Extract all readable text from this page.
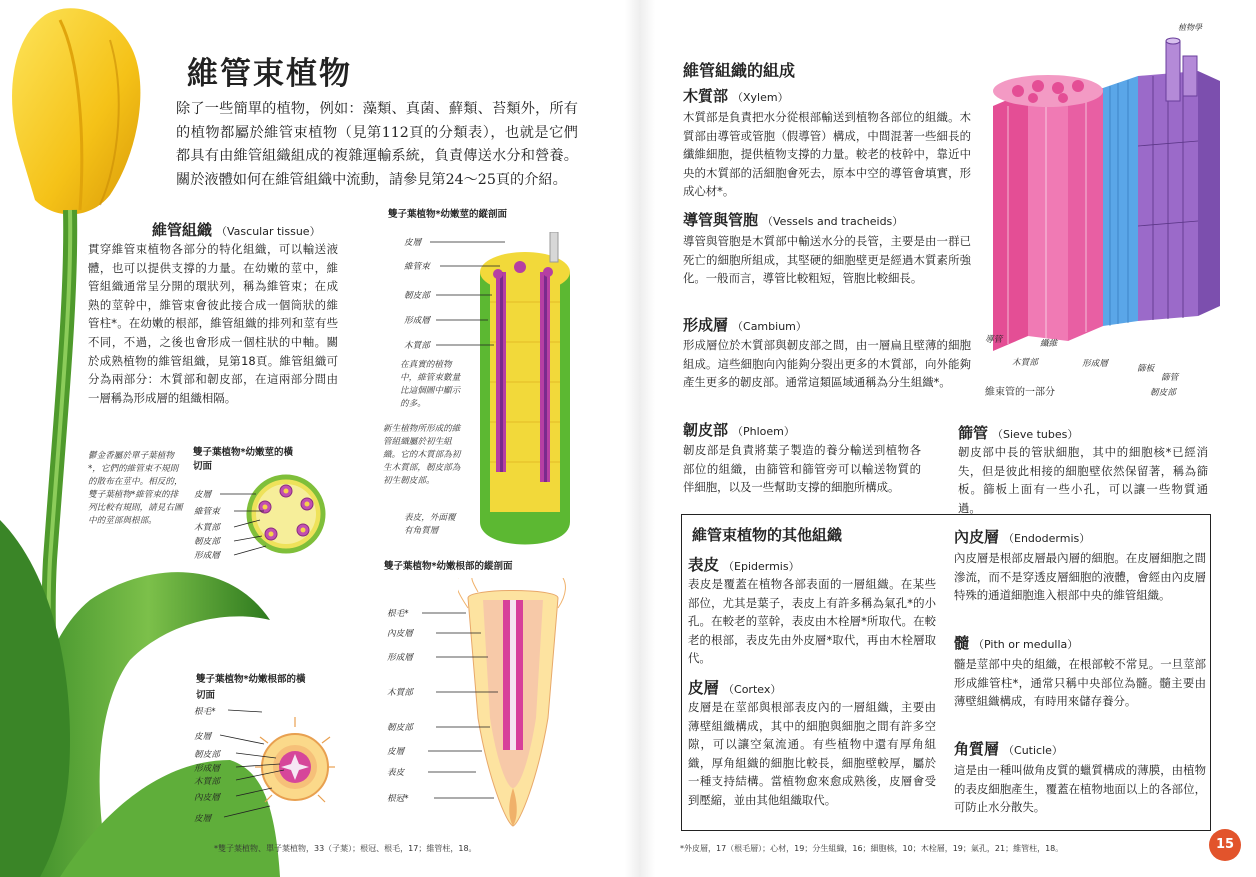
維管束植物
除了一些簡單的植物，例如：藻類、真菌、蘚類、苔類外，所有的植物都屬於維管束植物（見第112頁的分類表），也就是它們都具有由維管組織組成的複雜運輸系統，負責傳送水分和營養。關於液體如何在維管組織中流動，請參見第24～25頁的介紹。
維管組織 （Vascular tissue）
貫穿維管束植物各部分的特化組織，可以輸送液體，也可以提供支撐的力量。在幼嫩的莖中，維管組織通常呈分開的環狀列，稱為維管束；在成熟的莖幹中，維管束會彼此接合成一個筒狀的維管柱*。在幼嫩的根部，維管組織的排列和莖有些不同，不過，之後也會形成一個柱狀的中軸。關於成熟植物的維管組織，見第18頁。維管組織可分為兩部分：木質部和韌皮部，在這兩部分間由一層稱為形成層的組織相隔。
鬱金香屬於單子葉植物*，它們的維管束不規則的散布在莖中。相反的，雙子葉植物*維管束的排列比較有規則，請見右圖中的莖部與根部。
雙子葉植物*幼嫩莖的橫切面
皮層
維管束
木質部
韌皮部
形成層
雙子葉植物*幼嫩莖的縱剖面
皮層
維管束
韌皮部
形成層
木質部
在真實的植物中，維管束數量比這個圖中顯示的多。
新生植物所形成的維管組織屬於初生組織。它的木質部為初生木質部，韌皮部為初生韌皮部。
表皮，外面覆有角質層
雙子葉植物*幼嫩根部的縱剖面
根毛*
內皮層
形成層
木質部
韌皮部
皮層
表皮
根冠*
雙子葉植物*幼嫩根部的橫切面
根毛*
皮層
韌皮部
形成層
木質部
內皮層
皮層
*雙子葉植物、單子葉植物，33（子葉）；根冠、根毛，17；維管柱，18。
植物學
維管組織的組成
木質部 （Xylem）
木質部是負責把水分從根部輸送到植物各部位的組織。木質部由導管或管胞（假導管）構成，中間混著一些細長的纖維細胞，提供植物支撐的力量。較老的枝幹中，靠近中央的木質部的活細胞會死去，原本中空的導管會填實，形成心材*。
導管與管胞 （Vessels and tracheids）
導管與管胞是木質部中輸送水分的長管，主要是由一群已死亡的細胞所組成，其堅硬的細胞壁更是經過木質素所強化。一般而言，導管比較粗短，管胞比較細長。
形成層 （Cambium）
形成層位於木質部與韌皮部之間，由一層扁且壁薄的細胞組成。這些細胞向內能夠分裂出更多的木質部，向外能夠產生更多的韌皮部。通常這類區域通稱為分生組織*。
韌皮部 （Phloem）
韌皮部是負責將葉子製造的養分輸送到植物各部位的組織，由篩管和篩管旁可以輸送物質的伴細胞，以及一些幫助支撐的細胞所構成。
篩管 （Sieve tubes）
韌皮部中長的管狀細胞，其中的細胞核*已經消失，但是彼此相接的細胞壁依然保留著，稱為篩板。篩板上面有一些小孔，可以讓一些物質通過。
導管	纖維
木質部	形成層	篩板
篩管
韌皮部
維束管的一部分
維管束植物的其他組織
表皮 （Epidermis）
表皮是覆蓋在植物各部表面的一層組織。在某些部位，尤其是葉子，表皮上有許多稱為氣孔*的小孔。在較老的莖幹，表皮由木栓層*所取代。在較老的根部，表皮先由外皮層*取代，再由木栓層取代。
皮層 （Cortex）
皮層是在莖部與根部表皮內的一層組織，主要由薄壁組織構成，其中的細胞與細胞之間有許多空隙，可以讓空氣流通。有些植物中還有厚角組織，厚角組織的細胞比較長，細胞壁較厚，屬於一種支持結構。當植物愈來愈成熟後，皮層會受到壓縮，並由其他組織取代。
內皮層 （Endodermis）
內皮層是根部皮層最內層的細胞。在皮層細胞之間滲流，而不是穿透皮層細胞的液體，會經由內皮層特殊的通道細胞進入根部中央的維管組織。
髓 （Pith or medulla）
髓是莖部中央的組織，在根部較不常見。一旦莖部形成維管柱*，通常只稱中央部位為髓。髓主要由薄壁組織構成，有時用來儲存養分。
角質層 （Cuticle）
這是由一種叫做角皮質的蠟質構成的薄膜，由植物的表皮細胞產生，覆蓋在植物地面以上的各部位，可防止水分散失。
*外皮層，17（根毛層）；心材，19；分生組織，16；細胞核，10；木栓層，19；氣孔，21；維管柱，18。	15
